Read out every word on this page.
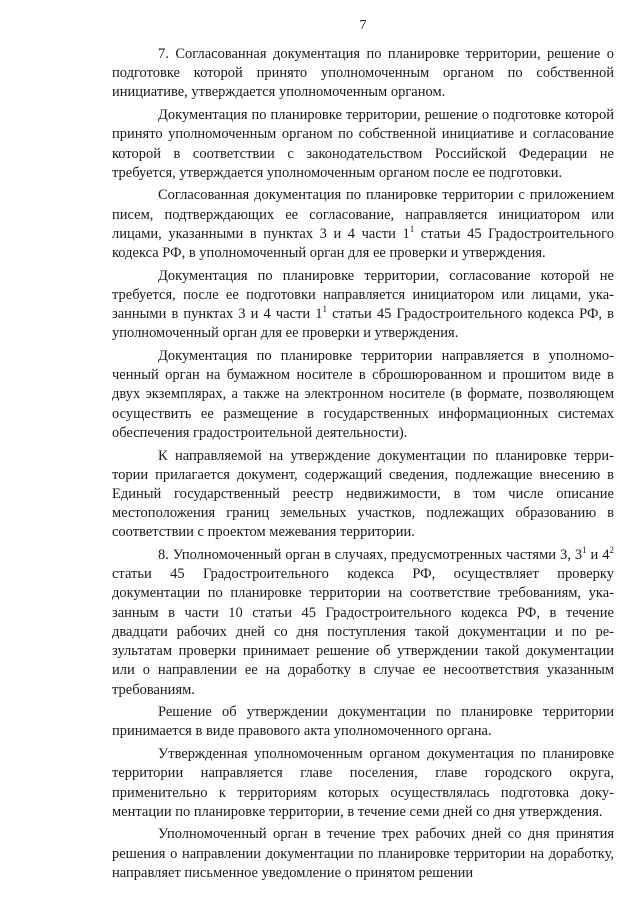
7

7. Согласованная документация по планировке территории, решение о подготовке которой принято уполномоченным органом по собственной инициативе, утверждается уполномоченным органом.

Документация по планировке территории, решение о подготовке которой принято уполномоченным органом по собственной инициативе и согласование которой в соответствии с законодательством Российской Федерации не требуется, утверждается уполномоченным органом после ее подготовки.

Согласованная документация по планировке территории с приложением писем, подтверждающих ее согласование, направляется инициатором или лицами, указанными в пунктах 3 и 4 части $1^1$ статьи 45 Градостроительного кодекса РФ, в уполномоченный орган для ее проверки и утверждения.

Документация по планировке территории, согласование которой не требуется, после ее подготовки направляется инициатором или лицами, указанными в пунктах 3 и 4 части $1^1$ статьи 45 Градостроительного кодекса РФ, в уполномоченный орган для ее проверки и утверждения.

Документация по планировке территории направляется в уполномоченный орган на бумажном носителе в сброшюрованном и прошитом виде в двух экземплярах, а также на электронном носителе (в формате, позволяющем осуществить ее размещение в государственных информационных системах обеспечения градостроительной деятельности).

К направляемой на утверждение документации по планировке территории прилагается документ, содержащий сведения, подлежащие внесению в Единый государственный реестр недвижимости, в том числе описание местоположения границ земельных участков, подлежащих образованию в соответствии с проектом межевания территории.

8. Уполномоченный орган в случаях, предусмотренных частями 3, $3^1$ и $4^2$ статьи 45 Градостроительного кодекса РФ, осуществляет проверку документации по планировке территории на соответствие требованиям, указанным в части 10 статьи 45 Градостроительного кодекса РФ, в течение двадцати рабочих дней со дня поступления такой документации и по результатам проверки принимает решение об утверждении такой документации или о направлении ее на доработку в случае ее несоответствия указанным требованиям.

Решение об утверждении документации по планировке территории принимается в виде правового акта уполномоченного органа.

Утвержденная уполномоченным органом документация по планировке территории направляется главе поселения, главе городского округа, применительно к территориям которых осуществлялась подготовка документации по планировке территории, в течение семи дней со дня утверждения.

Уполномоченный орган в течение трех рабочих дней со дня принятия решения о направлении документации по планировке территории на доработку, направляет письменное уведомление о принятом решении
